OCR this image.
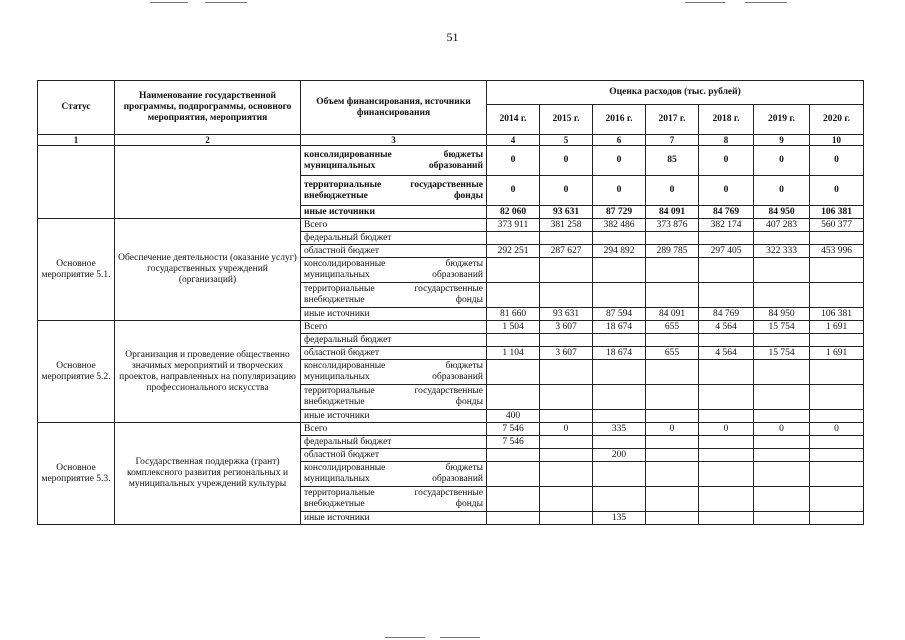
51
Статус	Наименование государственной программы, подпрограммы, основного мероприятия, мероприятия	Объем финансирования, источники финансирования	Оценка расходов (тыс. рублей)						
			2014 г.	2015 г.	2016 г.	2017 г.	2018 г.	2019 г.	2020 г.
1	2	3	4	5	6	7	8	9	10
		консолидированные бюджеты муниципальных образований	0	0	0	85	0	0	0
		территориальные государственные внебюджетные фонды	0	0	0	0	0	0	0
		иные источники	82 060	93 631	87 729	84 091	84 769	84 950	106 381
Основное мероприятие 5.1.	Обеспечение деятельности (оказание услуг) государственных учреждений (организаций)	Всего	373 911	381 258	382 486	373 876	382 174	407 283	560 377
		федеральный бюджет							
		областной бюджет	292 251	287 627	294 892	289 785	297 405	322 333	453 996
		консолидированные бюджеты муниципальных образований							
		территориальные государственные внебюджетные фонды							
		иные источники	81 660	93 631	87 594	84 091	84 769	84 950	106 381
Основное мероприятие 5.2.	Организация и проведение общественно значимых мероприятий и творческих проектов, направленных на популяризацию профессионального искусства	Всего	1 504	3 607	18 674	655	4 564	15 754	1 691
		федеральный бюджет							
		областной бюджет	1 104	3 607	18 674	655	4 564	15 754	1 691
		консолидированные бюджеты муниципальных образований							
		территориальные государственные внебюджетные фонды							
		иные источники	400						
Основное мероприятие 5.3.	Государственная поддержка (грант) комплексного развития региональных и муниципальных учреждений культуры	Всего	7 546	0	335	0	0	0	0
		федеральный бюджет	7 546						
		областной бюджет			200				
		консолидированные бюджеты муниципальных образований							
		территориальные государственные внебюджетные фонды							
		иные источники			135				
